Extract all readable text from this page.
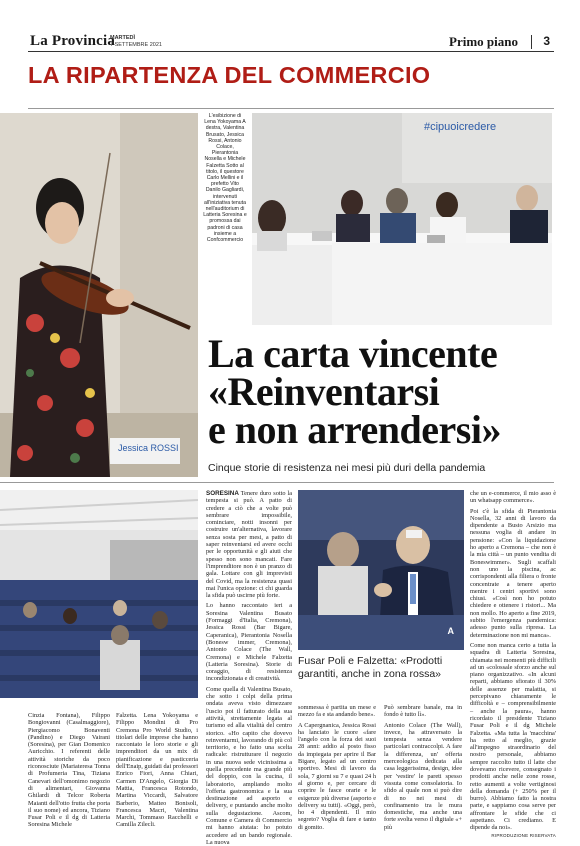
La Provincia
MARTEDÌ
7 SETTEMBRE 2021	Primo piano 3
LA RIPARTENZA DEL COMMERCIO
Jessica ROSSI
L'esibizione di Lena Yokoyama A destra, Valentina Brusato, Jessica Rossi, Antonio Colace, Pierantonia Nosella e Michele Falzetta Sotto al titolo, il questore Carlo Mellini e il prefetto Vito Danilo Gagliardi, intervenuti all'iniziativa tenuta nell'auditorium di Latteria Soresina e promossa dai padroni di casa insieme a Confcommercio
#cipuoicredere
La carta vincente
«Reinventarsi
e non arrendersi»
Cinque storie di resistenza nei mesi più duri della pandemia
SORESINA Tenere duro sotto la tempesta si può. A patto di credere a ciò che a volte può sembrare impossibile, cominciare, notti insonni per costruire un'alternativa, lavorare senza sosta per mesi, a patto di saper reinventarsi ed avere occhi per le opportunità e gli aiuti che spesso non sono mancati. Fare l'imprenditore non è un pranzo di gala. Lottare con gli imprevisti del Covid, ma la resistenza quasi mai l'unica opzione: ci chi guarda la sfida può uscirne più forte.
Lo hanno raccontato ieri a Soresina Valentina Busato (Formaggi d'Italia, Cremona), Jessica Rossi (Bar Bigare, Caperanica), Pierantonia Nosella (Bonesw immer, Cremona), Antonio Colace (The Wall, Cremona) e Michele Falzetta (Latteria Soresina). Storie di coraggio, di resistenza incondizionata e di creatività.
Come quella di Valentina Busato, che sotto i colpi della prima ondata aveva visto dimezzare l'uscio poi il fatturato della sua attività, strettamente legata al turismo ed alla vitalità del centro storico. «Ho capito che dovevo reinventarmi, lavorando di più col territorio, e ho fatto una scelta radicale: ristrutturare il negozio in una nuova sede vicinissima a quella precedente ma grande più del doppio, con la cucina, il laboratorio, ampliando molto l'offerta gastronomica e la sua destinazione ad asporto e delivery, e puntando anche molto sulla degustazione. Ascom, Comune e Camera di Commercio mi hanno aiutata: ho potuto accedere ad un bando regionale. La nuova
A
Fusar Poli e Falzetta: «Prodotti garantiti, anche in zona rossa»
sommessa è partita un mese e mezzo fa e sta andando bene».
A Capergnanica, Jessica Rossi ha lanciato le cuore «fare l'angelo con la forza dei suoi 28 anni: addio al posto fisso da impiegata per aprire il Bar Bigare, legato ad un centro sportivo. Mesi di lavoro da sola, 7 giorni su 7 e quasi 24 h al giorno e, per cercare di coprire le fasce orarie e le esigenze più diverse (asporto e delivery su tutti). «Oggi, però, ho 4 dipendenti. Il mio segreto? Voglia di fare e tanto di gomito.
Può sembrare banale, ma in fondo è tutto lì».
Antonio Colace (The Wall), invece, ha attraversato la tempesta senza vendere particolari contraccolpi. A fare la differenza, un' offerta merceologica dedicata alla casa leggerissima, design, idee per 'vestire' le pareti spesso vissuta come consolatoria. Io sfido al quale non si può dire di no nei mesi di confinamento tra le mura domestiche, ma anche una forte svolta verso il digitale «+ più
che un e-commerce, il mio asso è un whatsapp commerce».
Poi c'è la sfida di Pierantonia Nosella, 32 anni di lavoro da dipendente a Busto Arsizio ma nessuna voglia di andare in pensione: «Con la liquidazione ho aperto a Cremona – che non è la mia città – un punto vendita di Boneswimmer». Sugli scaffali non uno la piscina, ac corrispondenti alla filiera o fronte concentrate a tenere aperto mentre i centri sportivi sono chiusi. «Così non ho potuto chiedere e ottenere i ristori... Ma non mollo. Ho aperto a fine 2019, subito l'emergenza pandemica: adesso punto sulla ripresa. La determinazione non mi manca».
Come non manca certo a tutta la squadra di Latteria Soresina, chiamata nei momenti più difficili ad un «colossale sforzo anche sul piano organizzativo. «In alcuni reparti, abbiamo sfiorato il 30% delle assenze per malattia, si percepivano chiaramente le difficoltà e – comprensibilmente – anche la paura», hanno ricordato il presidente Tiziano Fusar Poli e il dg Michele Falzetta. «Ma tutta la 'macchina' ha retto al meglio, grazie all'impegno straordinario del nostro personale, abbiamo sempre raccolto tutto il latte che dovevamo ricevere, consegnato i prodotti anche nelle zone rosse, retto aumenti a volte vertiginosi della domanda (+ 250% per il burro). Abbiamo fatto la nostra parte, e sappiamo cosa serve per affrontare le sfide che ci aspettano. Ci crediamo. E dipende da noi».
RIPRODUZIONE RISERVATA
Cinzia Fontana), Filippo Bongiovanni (Casalmaggiore), Piergiacomo Bonaventi (Pandino) e Diego Vairani (Soresina), per Gian Domenico Auricchio. I referenti delle attività storiche da poco riconosciute (Mariateresa Tonna di Profumeria Tina, Tiziana Canevari dell'omonimo negozio di alimentari, Giovanna Ghilardi di Telcor Roberta Maianti dell'otto frutta che porta il suo nome) ed ancora, Tiziano Fusar Poli e il dg di Latteria Soresina Michele
Falzetta. Lena Yokoyama e Filippo Mondini di Pro Cremona Pro World Studio, i titolari delle imprese che hanno raccontato le loro storie e gli imprenditori da un mix di pianificazione e pasticceria dell'Enaip, guidati dai professori Enrico Fiori, Anna Chiari, Carmen D'Angelo, Giorgia Di Mattia, Francesca Rotondo, Martina Viccardi, Salvatore Barberio, Matteo Bonisoli, Francesca Macri, Valentina Marchi, Tommaso Racchelli e Camilla Zilecli.
